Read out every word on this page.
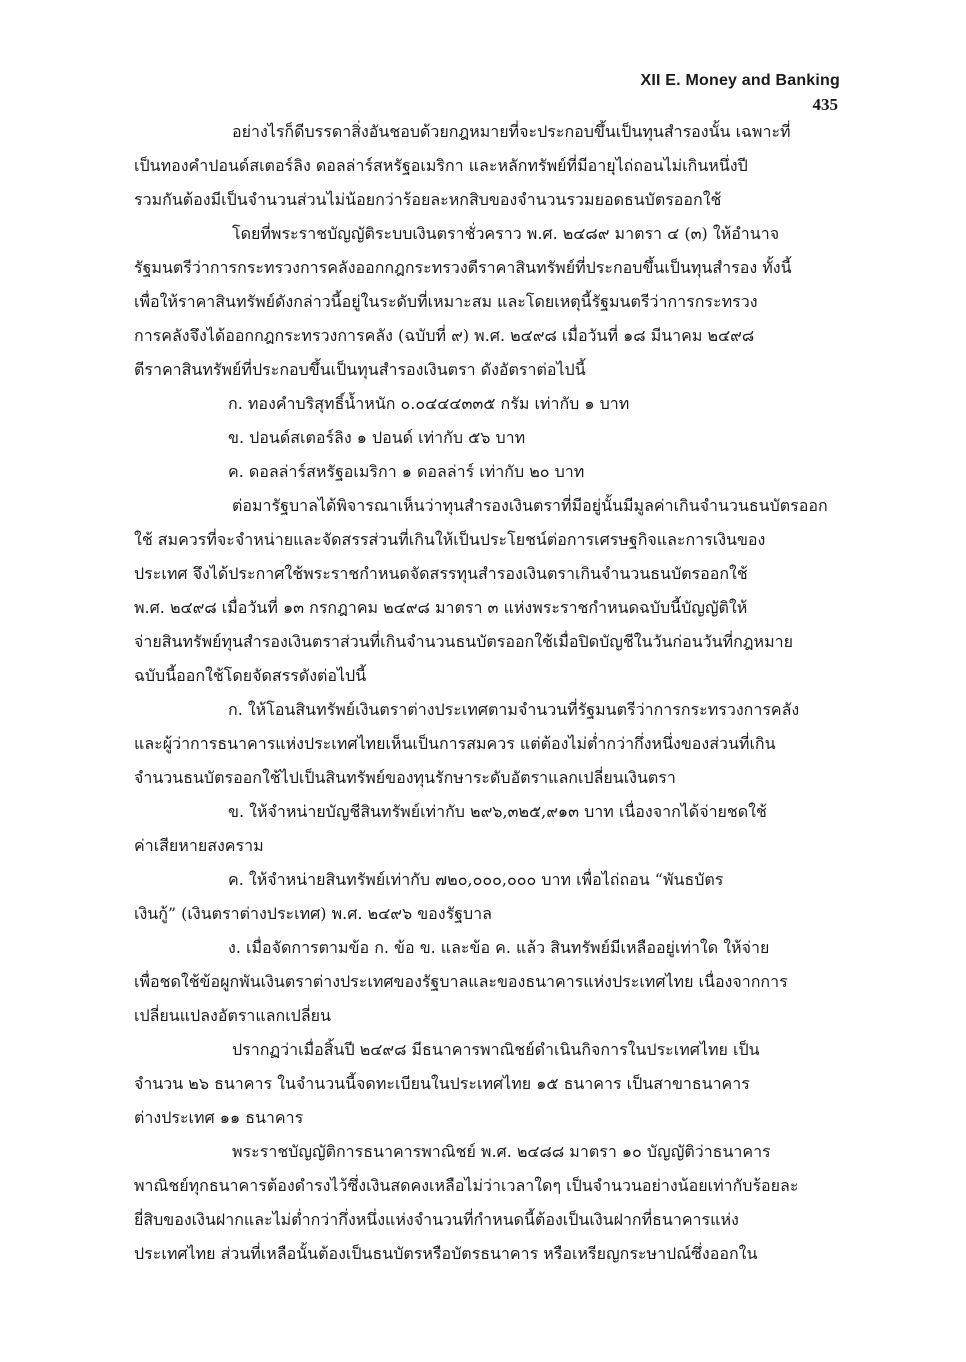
XII E. Money and Banking
435
อย่างไรก็ดีบรรดาสิ่งอันชอบด้วยกฎหมายที่จะประกอบขึ้นเป็นทุนสำรองนั้น เฉพาะที่
เป็นทองคำปอนด์สเตอร์ลิง ดอลล่าร์สหรัฐอเมริกา และหลักทรัพย์ที่มีอายุไถ่ถอนไม่เกินหนึ่งปี
รวมกันต้องมีเป็นจำนวนส่วนไม่น้อยกว่าร้อยละหกสิบของจำนวนรวมยอดธนบัตรออกใช้
โดยที่พระราชบัญญัติระบบเงินตราชั่วคราว พ.ศ. ๒๔๘๙ มาตรา ๔ (๓) ให้อำนาจ
รัฐมนตรีว่าการกระทรวงการคลังออกกฎกระทรวงตีราคาสินทรัพย์ที่ประกอบขึ้นเป็นทุนสำรอง ทั้งนี้
เพื่อให้ราคาสินทรัพย์ดังกล่าวนี้อยู่ในระดับที่เหมาะสม และโดยเหตุนี้รัฐมนตรีว่าการกระทรวง
การคลังจึงได้ออกกฎกระทรวงการคลัง (ฉบับที่ ๙) พ.ศ. ๒๔๙๘ เมื่อวันที่ ๑๘ มีนาคม ๒๔๙๘
ตีราคาสินทรัพย์ที่ประกอบขึ้นเป็นทุนสำรองเงินตรา ดังอัตราต่อไปนี้
ก. ทองคำบริสุทธิ์น้ำหนัก ๐.๐๔๔๔๓๓๕ กรัม เท่ากับ ๑ บาท
ข. ปอนด์สเตอร์ลิง ๑ ปอนด์ เท่ากับ ๕๖ บาท
ค. ดอลล่าร์สหรัฐอเมริกา ๑ ดอลล่าร์ เท่ากับ ๒๐ บาท
ต่อมารัฐบาลได้พิจารณาเห็นว่าทุนสำรองเงินตราที่มีอยู่นั้นมีมูลค่าเกินจำนวนธนบัตรออก
ใช้ สมควรที่จะจำหน่ายและจัดสรรส่วนที่เกินให้เป็นประโยชน์ต่อการเศรษฐกิจและการเงินของ
ประเทศ จึงได้ประกาศใช้พระราชกำหนดจัดสรรทุนสำรองเงินตราเกินจำนวนธนบัตรออกใช้
พ.ศ. ๒๔๙๘ เมื่อวันที่ ๑๓ กรกฎาคม ๒๔๙๘ มาตรา ๓ แห่งพระราชกำหนดฉบับนี้บัญญัติให้
จ่ายสินทรัพย์ทุนสำรองเงินตราส่วนที่เกินจำนวนธนบัตรออกใช้เมื่อปิดบัญชีในวันก่อนวันที่กฎหมาย
ฉบับนี้ออกใช้โดยจัดสรรดังต่อไปนี้
ก. ให้โอนสินทรัพย์เงินตราต่างประเทศตามจำนวนที่รัฐมนตรีว่าการกระทรวงการคลัง
และผู้ว่าการธนาคารแห่งประเทศไทยเห็นเป็นการสมควร แต่ต้องไม่ต่ำกว่ากึ่งหนึ่งของส่วนที่เกิน
จำนวนธนบัตรออกใช้ไปเป็นสินทรัพย์ของทุนรักษาระดับอัตราแลกเปลี่ยนเงินตรา
ข. ให้จำหน่ายบัญชีสินทรัพย์เท่ากับ ๒๙๖,๓๒๕,๙๑๓ บาท เนื่องจากได้จ่ายชดใช้
ค่าเสียหายสงคราม
ค. ให้จำหน่ายสินทรัพย์เท่ากับ ๗๒๐,๐๐๐,๐๐๐ บาท เพื่อไถ่ถอน “พันธบัตร
เงินกู้” (เงินตราต่างประเทศ) พ.ศ. ๒๔๙๖ ของรัฐบาล
ง. เมื่อจัดการตามข้อ ก. ข้อ ข. และข้อ ค. แล้ว สินทรัพย์มีเหลืออยู่เท่าใด ให้จ่าย
เพื่อชดใช้ข้อผูกพันเงินตราต่างประเทศของรัฐบาลและของธนาคารแห่งประเทศไทย เนื่องจากการ
เปลี่ยนแปลงอัตราแลกเปลี่ยน
ปรากฏว่าเมื่อสิ้นปี ๒๔๙๘ มีธนาคารพาณิชย์ดำเนินกิจการในประเทศไทย เป็น
จำนวน ๒๖ ธนาคาร ในจำนวนนี้จดทะเบียนในประเทศไทย ๑๕ ธนาคาร เป็นสาขาธนาคาร
ต่างประเทศ ๑๑ ธนาคาร
พระราชบัญญัติการธนาคารพาณิชย์ พ.ศ. ๒๔๘๘ มาตรา ๑๐ บัญญัติว่าธนาคาร
พาณิชย์ทุกธนาคารต้องดำรงไว้ซึ่งเงินสดคงเหลือไม่ว่าเวลาใดๆ เป็นจำนวนอย่างน้อยเท่ากับร้อยละ
ยี่สิบของเงินฝากและไม่ต่ำกว่ากึ่งหนึ่งแห่งจำนวนที่กำหนดนี้ต้องเป็นเงินฝากที่ธนาคารแห่ง
ประเทศไทย ส่วนที่เหลือนั้นต้องเป็นธนบัตรหรือบัตรธนาคาร หรือเหรียญกระษาปณ์ซึ่งออกใน
